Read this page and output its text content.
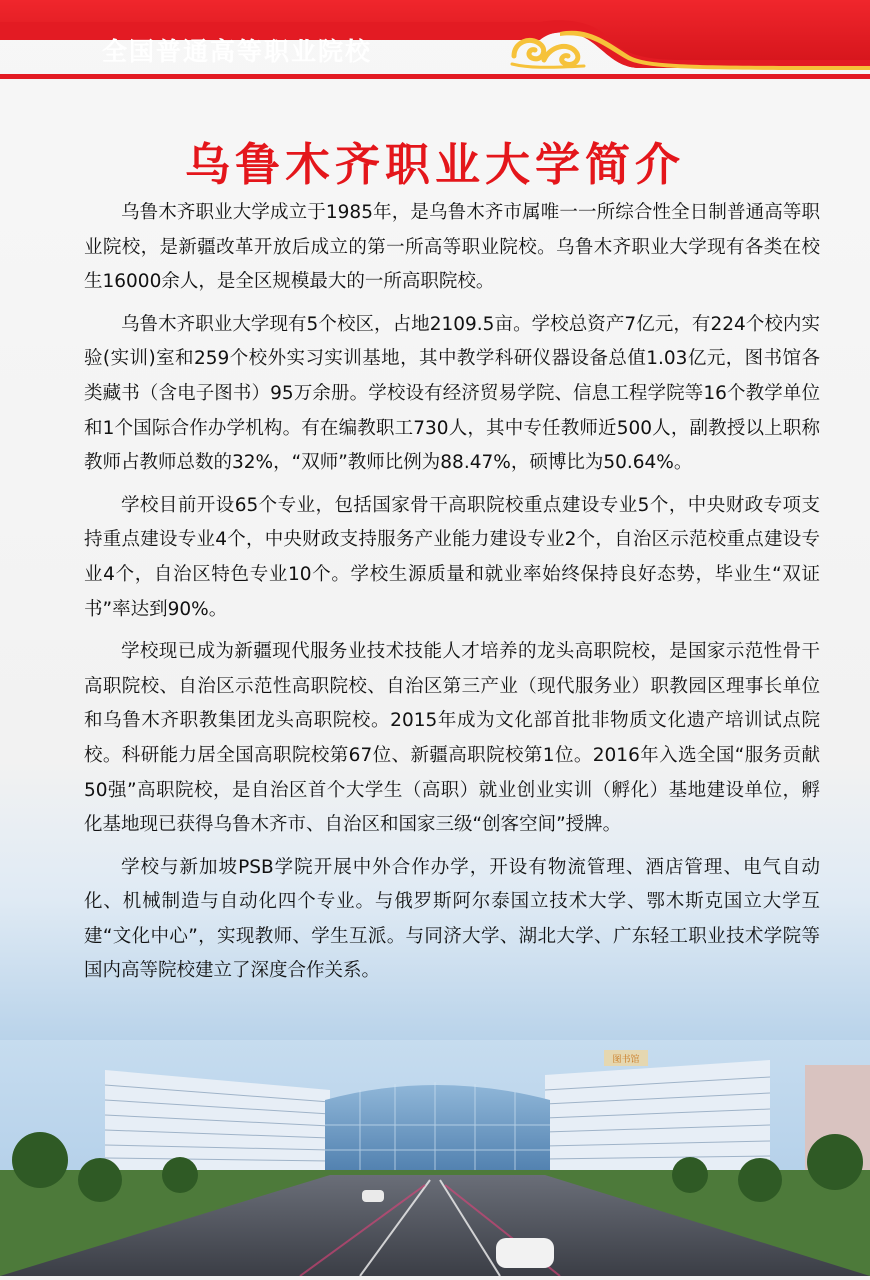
全国普通高等职业院校
乌鲁木齐职业大学简介

乌鲁木齐职业大学成立于1985年，是乌鲁木齐市属唯一一所综合性全日制普通高等职业院校，是新疆改革开放后成立的第一所高等职业院校。乌鲁木齐职业大学现有各类在校生16000余人，是全区规模最大的一所高职院校。

乌鲁木齐职业大学现有5个校区，占地2109.5亩。学校总资产7亿元，有224个校内实验(实训)室和259个校外实习实训基地，其中教学科研仪器设备总值1.03亿元，图书馆各类藏书（含电子图书）95万余册。学校设有经济贸易学院、信息工程学院等16个教学单位和1个国际合作办学机构。有在编教职工730人，其中专任教师近500人，副教授以上职称教师占教师总数的32%，“双师”教师比例为88.47%，硕博比为50.64%。

学校目前开设65个专业，包括国家骨干高职院校重点建设专业5个，中央财政专项支持重点建设专业4个，中央财政支持服务产业能力建设专业2个，自治区示范校重点建设专业4个，自治区特色专业10个。学校生源质量和就业率始终保持良好态势，毕业生“双证书”率达到90%。

学校现已成为新疆现代服务业技术技能人才培养的龙头高职院校，是国家示范性骨干高职院校、自治区示范性高职院校、自治区第三产业（现代服务业）职教园区理事长单位和乌鲁木齐职教集团龙头高职院校。2015年成为文化部首批非物质文化遗产培训试点院校。科研能力居全国高职院校第67位、新疆高职院校第1位。2016年入选全国“服务贡献50强”高职院校，是自治区首个大学生（高职）就业创业实训（孵化）基地建设单位，孵化基地现已获得乌鲁木齐市、自治区和国家三级“创客空间”授牌。

学校与新加坡PSB学院开展中外合作办学，开设有物流管理、酒店管理、电气自动化、机械制造与自动化四个专业。与俄罗斯阿尔泰国立技术大学、鄂木斯克国立大学互建“文化中心”，实现教师、学生互派。与同济大学、湖北大学、广东轻工职业技术学院等国内高等院校建立了深度合作关系。

图书馆
